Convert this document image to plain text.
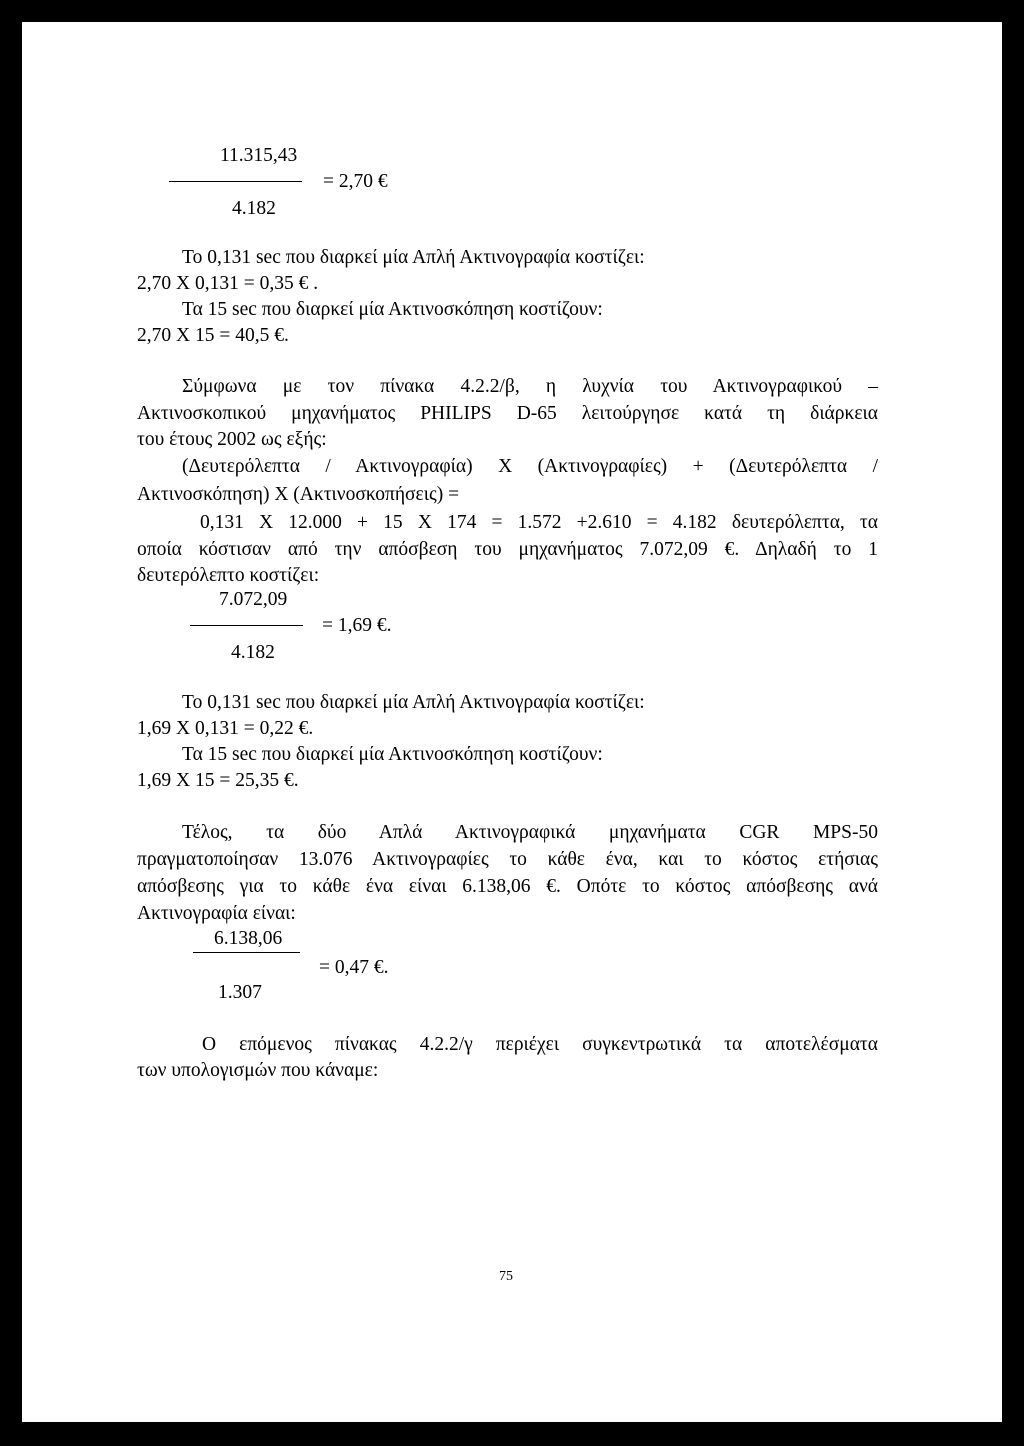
11.315,43
= 2,70 €
4.182
Το 0,131 sec που διαρκεί μία Απλή Ακτινογραφία κοστίζει:
2,70 X 0,131 = 0,35 € .
Τα 15 sec που διαρκεί μία Ακτινοσκόπηση κοστίζουν:
2,70 X 15 = 40,5 €.
Σύμφωνα με τον πίνακα 4.2.2/β, η λυχνία του Ακτινογραφικού –
Ακτινοσκοπικού μηχανήματος PHILIPS D-65 λειτούργησε κατά τη διάρκεια
του έτους 2002 ως εξής:
(Δευτερόλεπτα / Ακτινογραφία) X (Ακτινογραφίες) + (Δευτερόλεπτα /
Ακτινοσκόπηση) X (Ακτινοσκοπήσεις) =
0,131 X 12.000 + 15 X 174 = 1.572 +2.610 = 4.182 δευτερόλεπτα, τα
οποία κόστισαν από την απόσβεση του μηχανήματος 7.072,09 €. Δηλαδή το 1
δευτερόλεπτο κοστίζει:
7.072,09
= 1,69 €.
4.182
Το 0,131 sec που διαρκεί μία Απλή Ακτινογραφία κοστίζει:
1,69 X 0,131 = 0,22 €.
Τα 15 sec που διαρκεί μία Ακτινοσκόπηση κοστίζουν:
1,69 X 15 = 25,35 €.
Τέλος, τα δύο Απλά Ακτινογραφικά μηχανήματα CGR MPS-50
πραγματοποίησαν 13.076 Ακτινογραφίες το κάθε ένα, και το κόστος ετήσιας
απόσβεσης για το κάθε ένα είναι 6.138,06 €. Οπότε το κόστος απόσβεσης ανά
Ακτινογραφία είναι:
6.138,06
= 0,47 €.
1.307
Ο επόμενος πίνακας 4.2.2/γ περιέχει συγκεντρωτικά τα αποτελέσματα
των υπολογισμών που κάναμε:
75
